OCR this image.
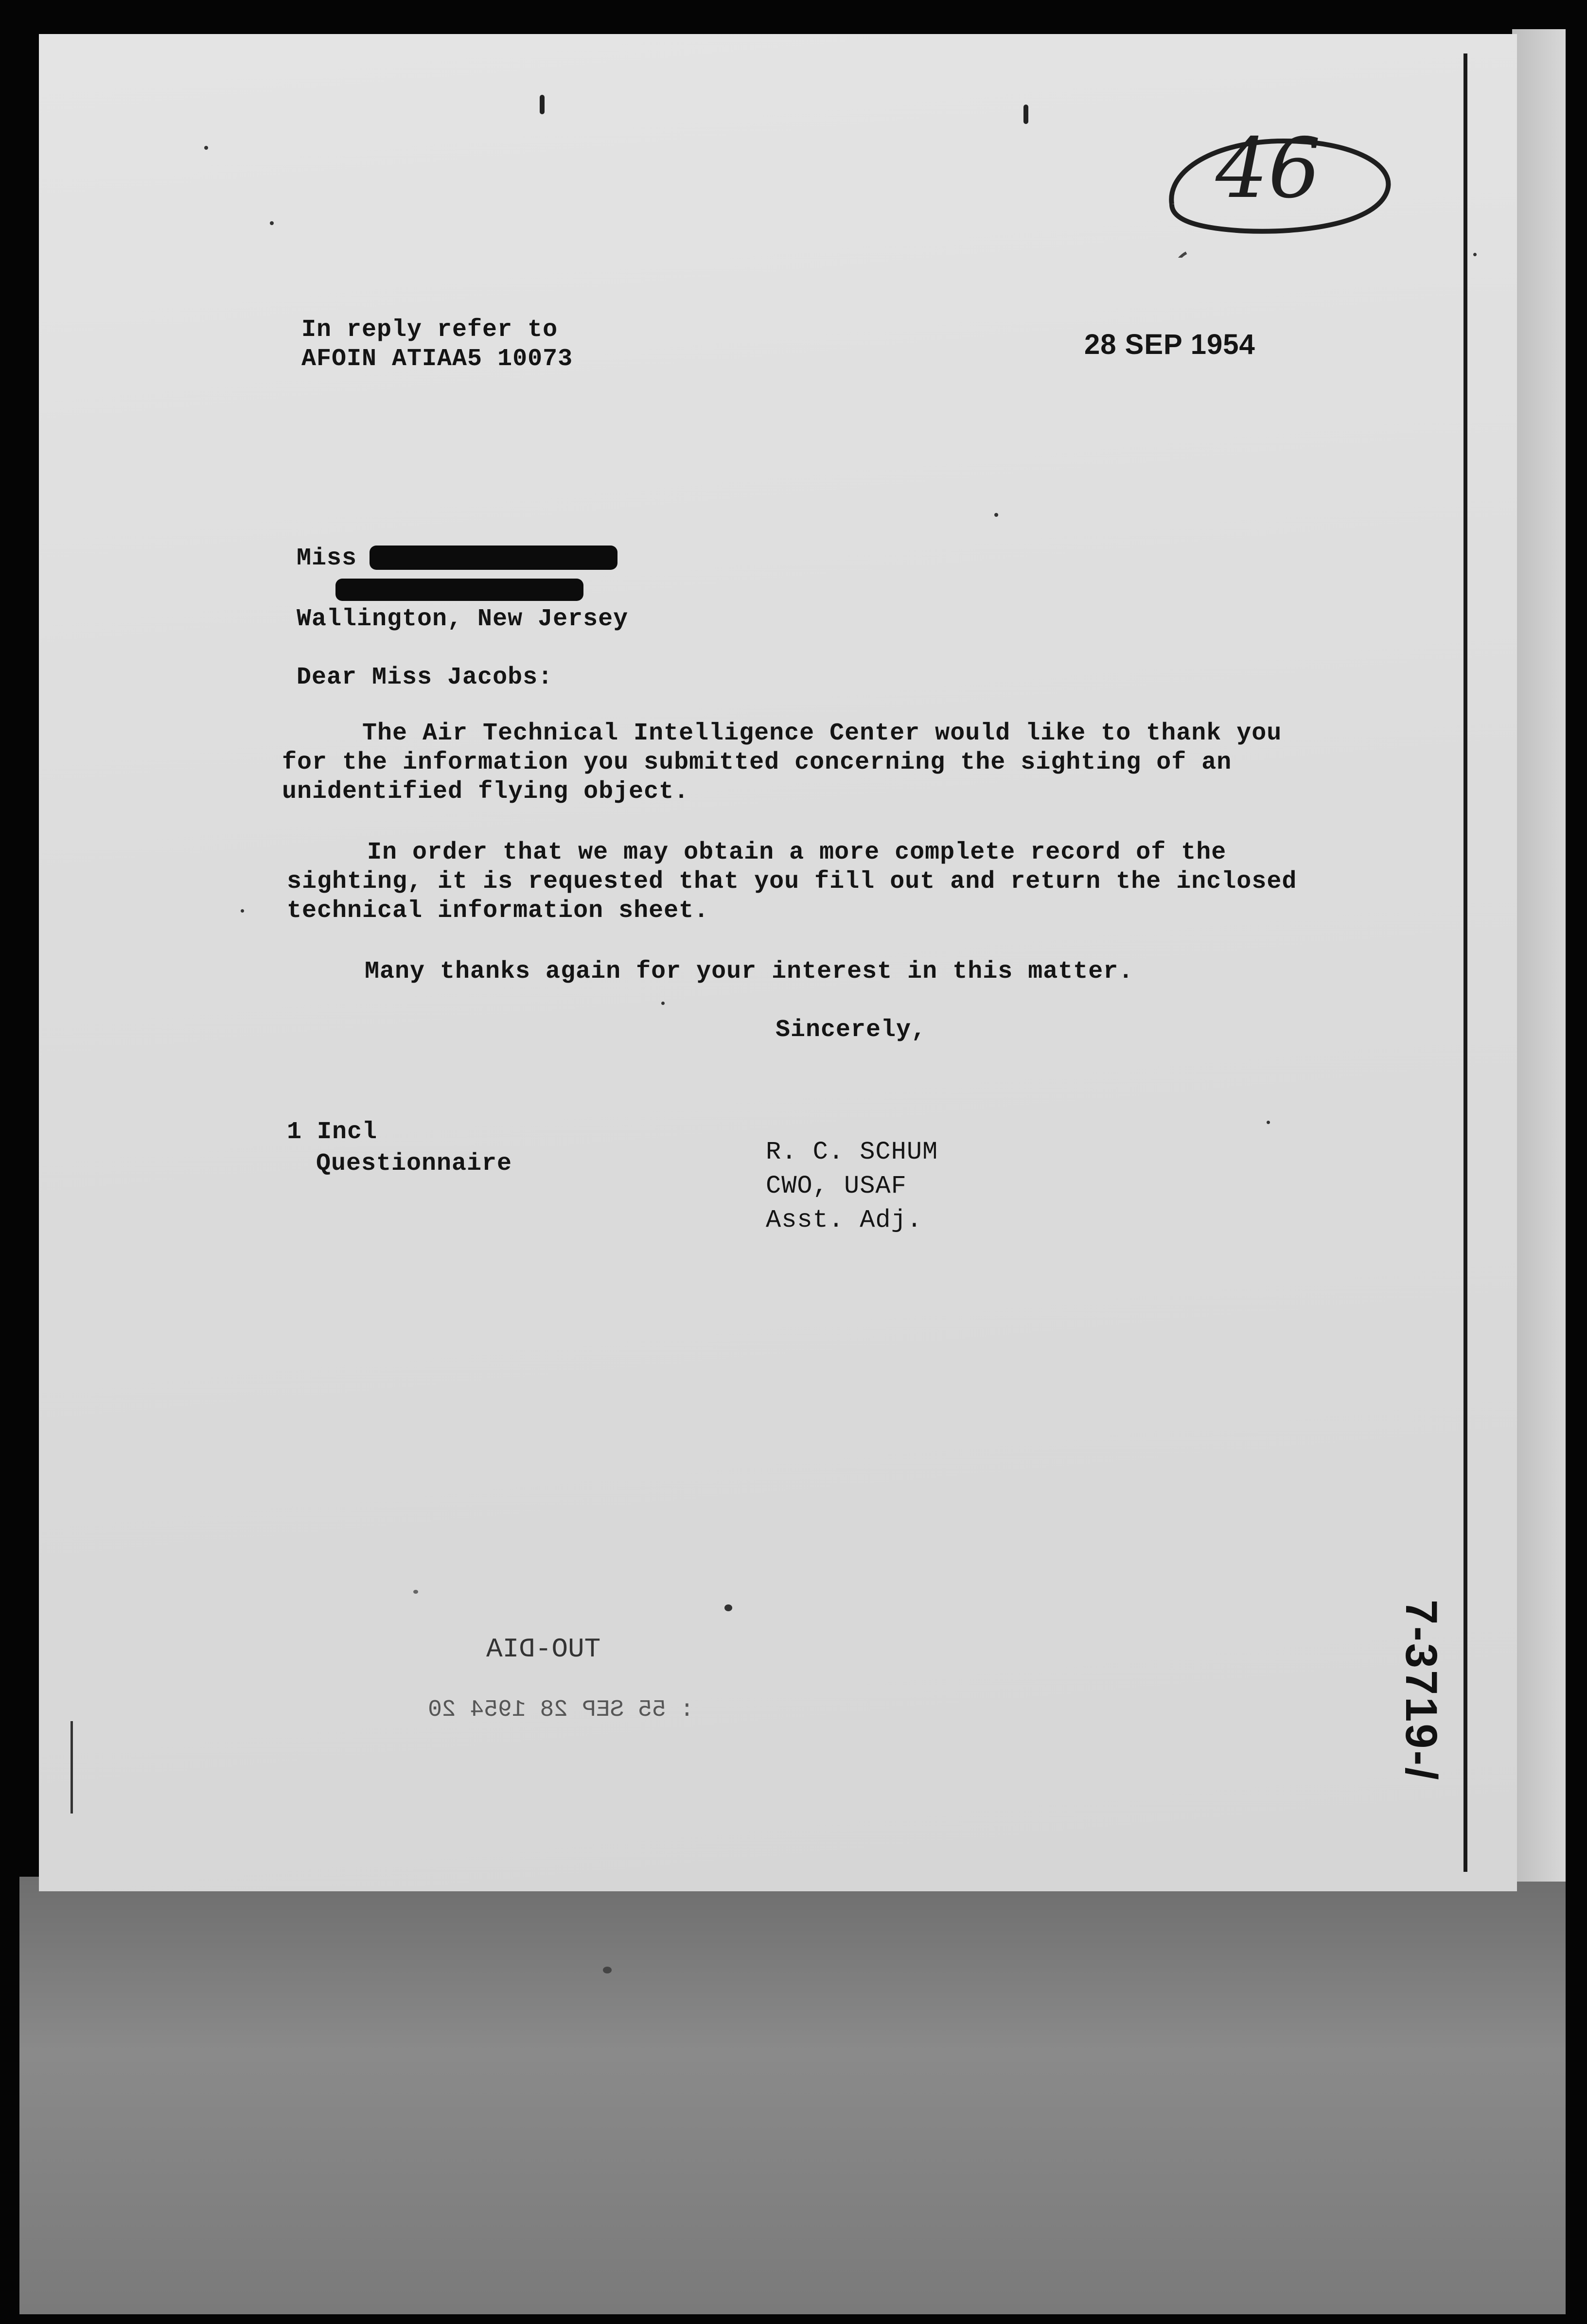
46
In reply refer to
AFOIN ATIAA5 10073	28 SEP 1954
Miss
Wallington, New Jersey
Dear Miss Jacobs:
The Air Technical Intelligence Center would like to thank you
for the information you submitted concerning the sighting of an
unidentified flying object.
In order that we may obtain a more complete record of the
sighting, it is requested that you fill out and return the inclosed
technical information sheet.
Many thanks again for your interest in this matter.
Sincerely,
1 Incl
Questionnaire	R. C. SCHUM
CWO, USAF
Asst. Adj.
TUO-DIA
: 55 SEP 28 1954 20	7-3719-/
